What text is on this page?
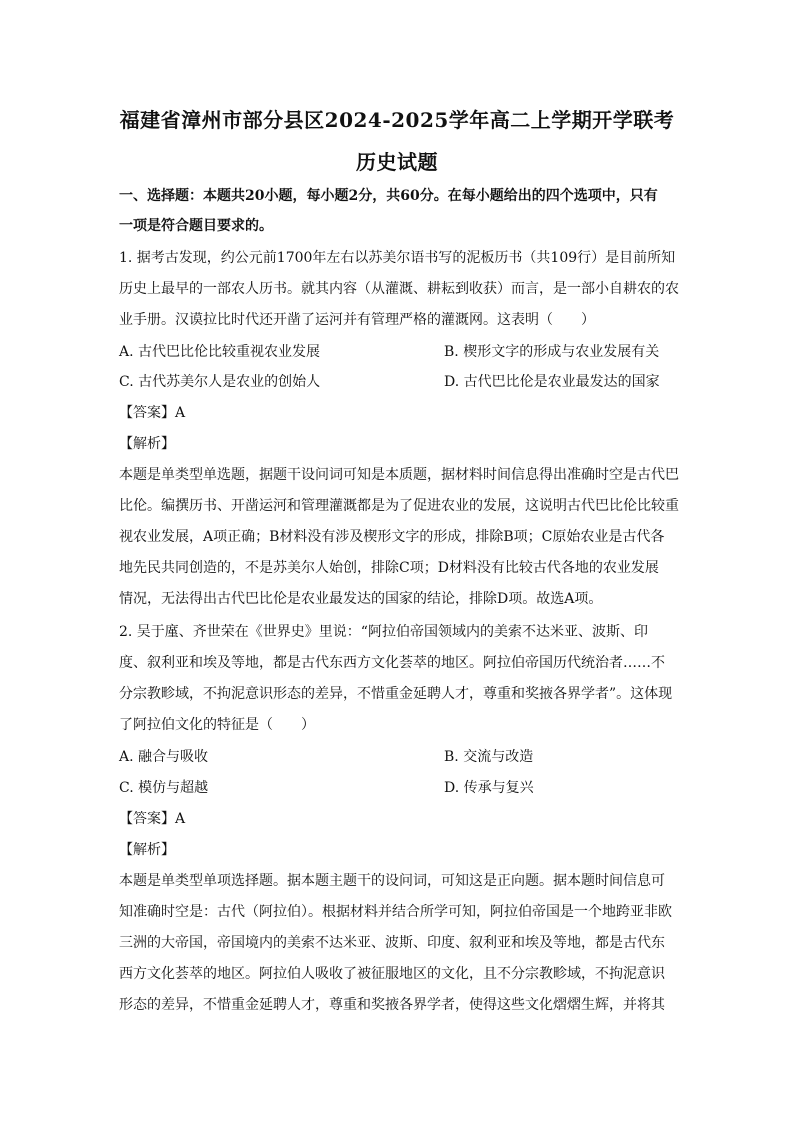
福建省漳州市部分县区2024-2025学年高二上学期开学联考
历史试题
一、选择题：本题共20小题，每小题2分，共60分。在每小题给出的四个选项中，只有
一项是符合题目要求的。
1. 据考古发现，约公元前1700年左右以苏美尔语书写的泥板历书（共109行）是目前所知
历史上最早的一部农人历书。就其内容（从灌溉、耕耘到收获）而言，是一部小自耕农的农
业手册。汉谟拉比时代还开凿了运河并有管理严格的灌溉网。这表明（　　）
A. 古代巴比伦比较重视农业发展	B. 楔形文字的形成与农业发展有关
C. 古代苏美尔人是农业的创始人	D. 古代巴比伦是农业最发达的国家
【答案】A
【解析】
本题是单类型单选题，据题干设问词可知是本质题，据材料时间信息得出准确时空是古代巴
比伦。编撰历书、开凿运河和管理灌溉都是为了促进农业的发展，这说明古代巴比伦比较重
视农业发展，A项正确；B材料没有涉及楔形文字的形成，排除B项；C原始农业是古代各
地先民共同创造的，不是苏美尔人始创，排除C项；D材料没有比较古代各地的农业发展
情况，无法得出古代巴比伦是农业最发达的国家的结论，排除D项。故选A项。
2. 吴于廑、齐世荣在《世界史》里说：“阿拉伯帝国领域内的美索不达米亚、波斯、印
度、叙利亚和埃及等地，都是古代东西方文化荟萃的地区。阿拉伯帝国历代统治者……不
分宗教畛域，不拘泥意识形态的差异，不惜重金延聘人才，尊重和奖掖各界学者”。这体现
了阿拉伯文化的特征是（　　）
A. 融合与吸收	B. 交流与改造
C. 模仿与超越	D. 传承与复兴
【答案】A
【解析】
本题是单类型单项选择题。据本题主题干的设问词，可知这是正向题。据本题时间信息可
知准确时空是：古代（阿拉伯）。根据材料并结合所学可知，阿拉伯帝国是一个地跨亚非欧
三洲的大帝国，帝国境内的美索不达米亚、波斯、印度、叙利亚和埃及等地，都是古代东
西方文化荟萃的地区。阿拉伯人吸收了被征服地区的文化，且不分宗教畛域，不拘泥意识
形态的差异，不惜重金延聘人才，尊重和奖掖各界学者，使得这些文化熠熠生辉，并将其
